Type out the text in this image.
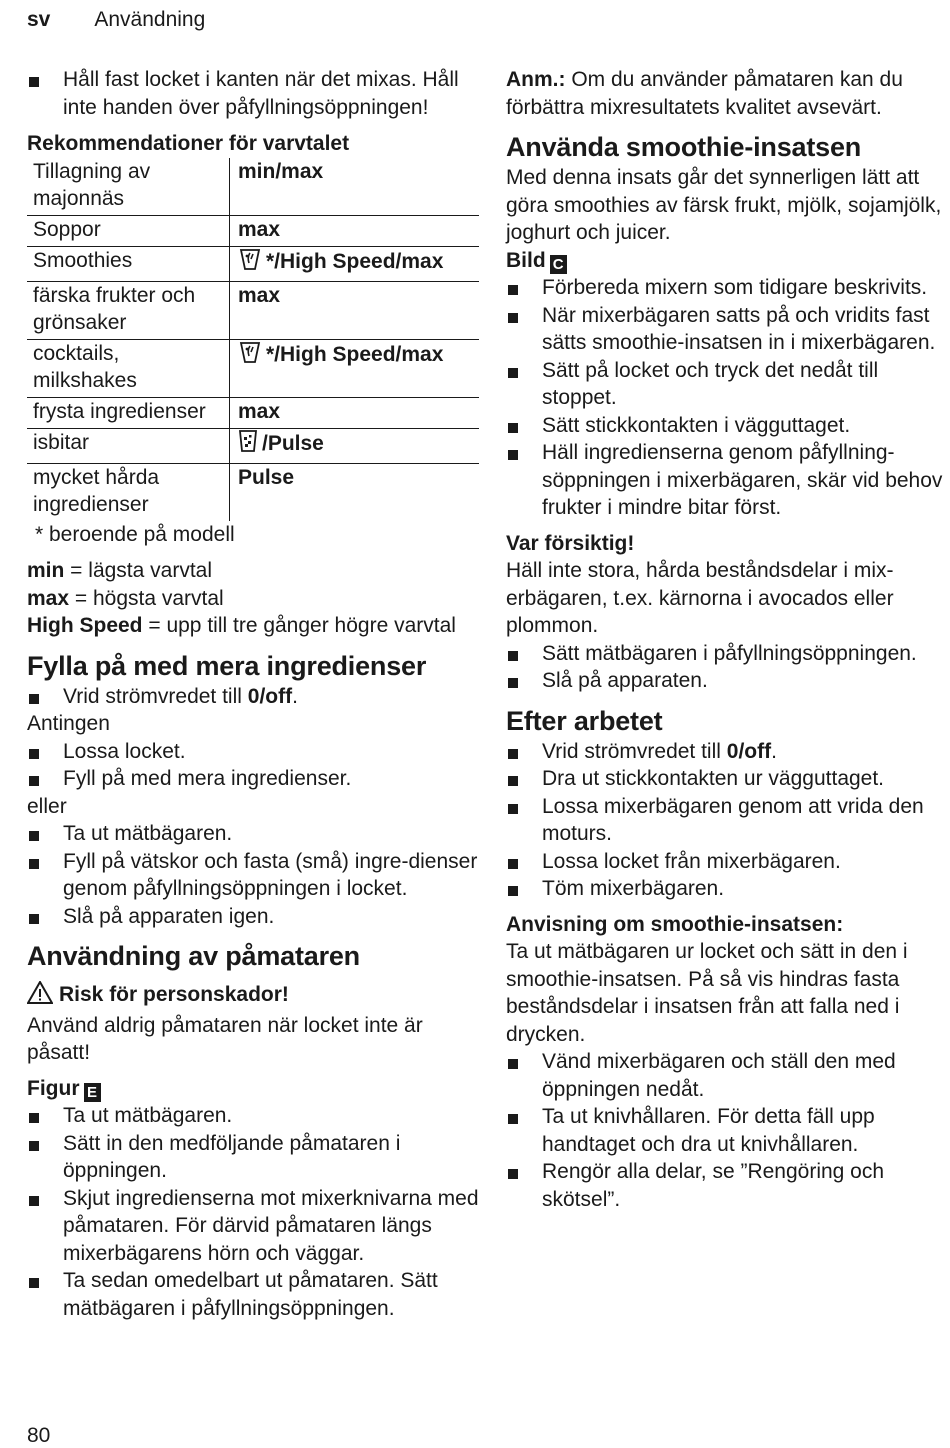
sv Användning

Håll fast locket i kanten när det mixas. Håll inte handen över påfyllningsöppningen!

Rekommendationer för varvtalet

Tillagning av majonnäs	min/max
Soppor	max
Smoothies	*/High Speed/max
färska frukter och grönsaker	max
cocktails, milkshakes	*/High Speed/max
frysta ingredienser	max
isbitar	/Pulse
mycket hårda ingredienser	Pulse

* beroende på modell

min = lägsta varvtal

max = högsta varvtal

High Speed = upp till tre gånger högre varvtal

Fylla på med mera ingredienser

Vrid strömvredet till 0/off.

Antingen

Lossa locket.

Fyll på med mera ingredienser.

eller

Ta ut mätbägaren.

Fyll på vätskor och fasta (små) ingre-dienser genom påfyllningsöppningen i locket.

Slå på apparaten igen.

Användning av påmataren

Risk för personskador!

Använd aldrig påmataren när locket inte är påsatt!

Figur E

Ta ut mätbägaren.

Sätt in den medföljande påmataren i öppningen.

Skjut ingredienserna mot mixerknivarna med påmataren. För därvid påmataren längs mixerbägarens hörn och väggar.

Ta sedan omedelbart ut påmataren. Sätt mätbägaren i påfyllningsöppningen.

Anm.: Om du använder påmataren kan du förbättra mixresultatets kvalitet avsevärt.

Använda smoothie-insatsen

Med denna insats går det synnerligen lätt att göra smoothies av färsk frukt, mjölk, sojamjölk, joghurt och juicer.

Bild C

Förbereda mixern som tidigare beskrivits.

När mixerbägaren satts på och vridits fast sätts smoothie-insatsen in i mixerbägaren.

Sätt på locket och tryck det nedåt till stoppet.

Sätt stickkontakten i vägguttaget.

Häll ingredienserna genom påfyllning-söppningen i mixerbägaren, skär vid behov frukter i mindre bitar först.

Var försiktig!

Häll inte stora, hårda beståndsdelar i mix-erbägaren, t.ex. kärnorna i avocados eller plommon.

Sätt mätbägaren i påfyllningsöppningen.

Slå på apparaten.

Efter arbetet

Vrid strömvredet till 0/off.

Dra ut stickkontakten ur vägguttaget.

Lossa mixerbägaren genom att vrida den moturs.

Lossa locket från mixerbägaren.

Töm mixerbägaren.

Anvisning om smoothie-insatsen:

Ta ut mätbägaren ur locket och sätt in den i smoothie-insatsen. På så vis hindras fasta beståndsdelar i insatsen från att falla ned i drycken.

Vänd mixerbägaren och ställ den med öppningen nedåt.

Ta ut knivhållaren. För detta fäll upp handtaget och dra ut knivhållaren.

Rengör alla delar, se ”Rengöring och skötsel”.

80
